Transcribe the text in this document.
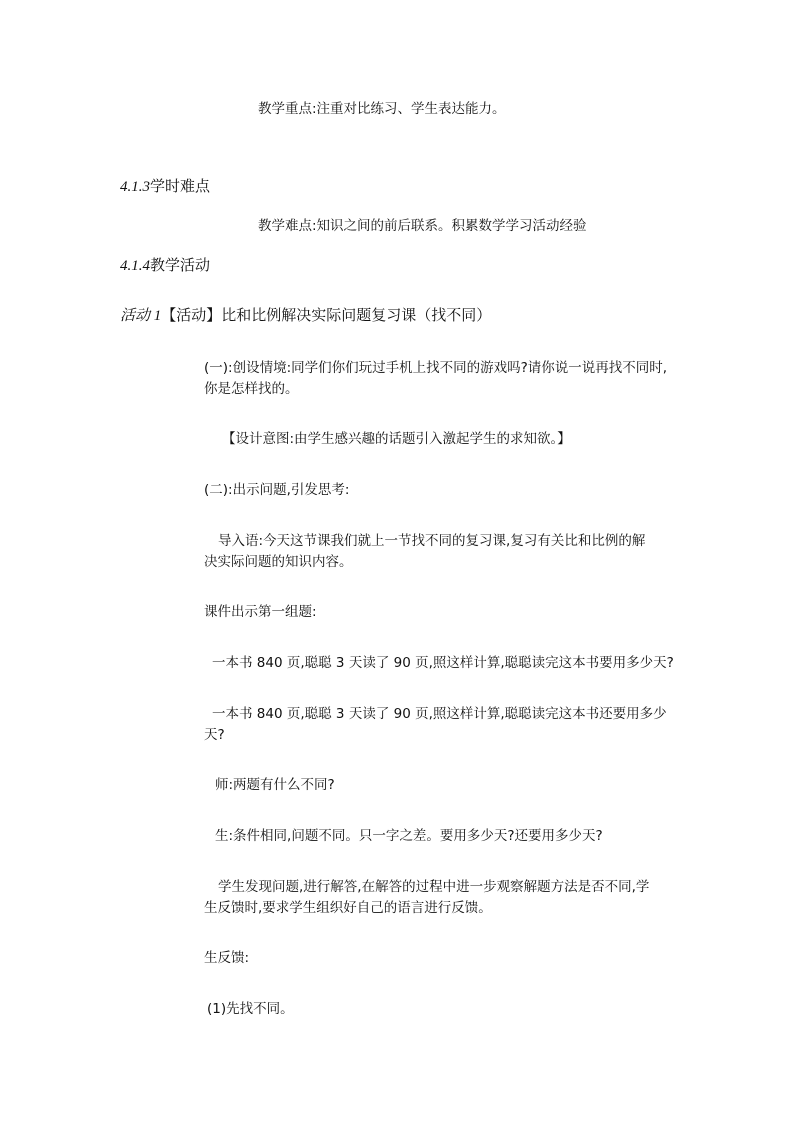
教学重点:注重对比练习、学生表达能力。
4.1.3学时难点
教学难点:知识之间的前后联系。积累数学学习活动经验
4.1.4教学活动
活动 1【活动】比和比例解决实际问题复习课（找不同）
(一):创设情境:同学们你们玩过手机上找不同的游戏吗?请你说一说再找不同时,
你是怎样找的。
【设计意图:由学生感兴趣的话题引入激起学生的求知欲。】
(二):出示问题,引发思考:
导入语:今天这节课我们就上一节找不同的复习课,复习有关比和比例的解
决实际问题的知识内容。
课件出示第一组题:
一本书 840 页,聪聪 3 天读了 90 页,照这样计算,聪聪读完这本书要用多少天?
一本书 840 页,聪聪 3 天读了 90 页,照这样计算,聪聪读完这本书还要用多少
天?
师:两题有什么不同?
生:条件相同,问题不同。只一字之差。要用多少天?还要用多少天?
学生发现问题,进行解答,在解答的过程中进一步观察解题方法是否不同,学
生反馈时,要求学生组织好自己的语言进行反馈。
生反馈:
(1)先找不同。
